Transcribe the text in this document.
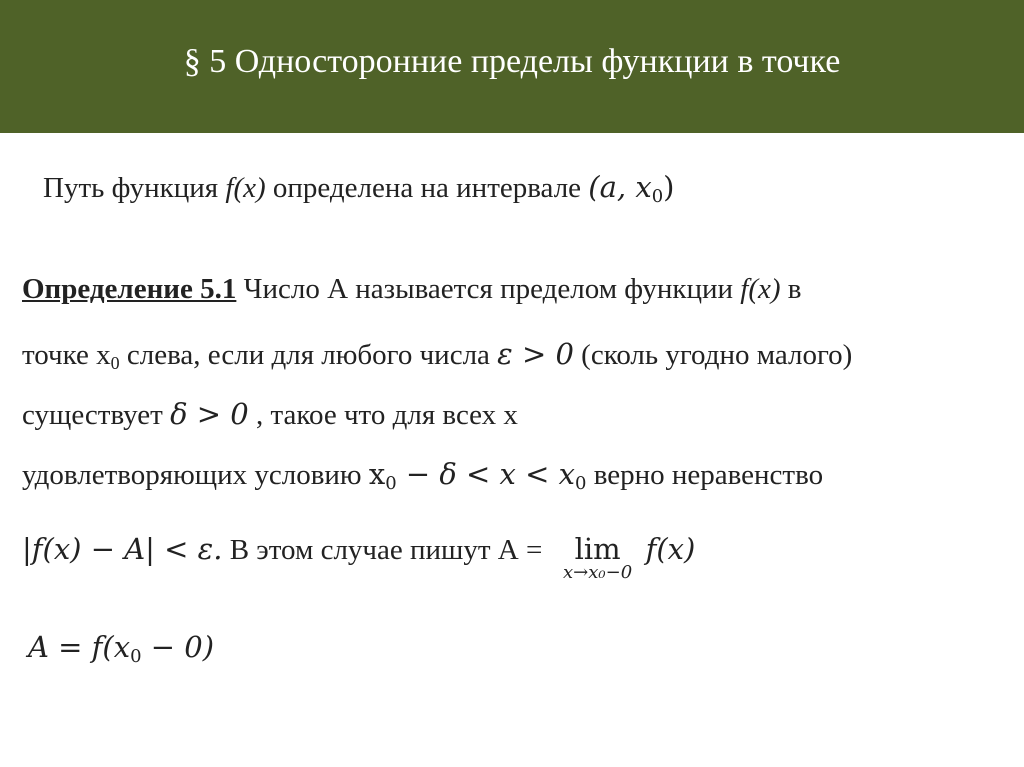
§ 5 Односторонние пределы функции в точке
Путь функция f(x) определена на интервале (a, $x_0$)
Определение 5.1 Число А называется пределом функции f(x) в
точке $x_0$ слева, если для любого числа ε > 0 (сколь угодно малого)
существует δ > 0 , такое что для всех x
удовлетворяющих условию $x_0 - \delta < x < x_0$ верно неравенство
|f(x) − A| < ε. В этом случае пишут А = lim
x→x₀−0
f(x)
$A = f(x_0 - 0)$
